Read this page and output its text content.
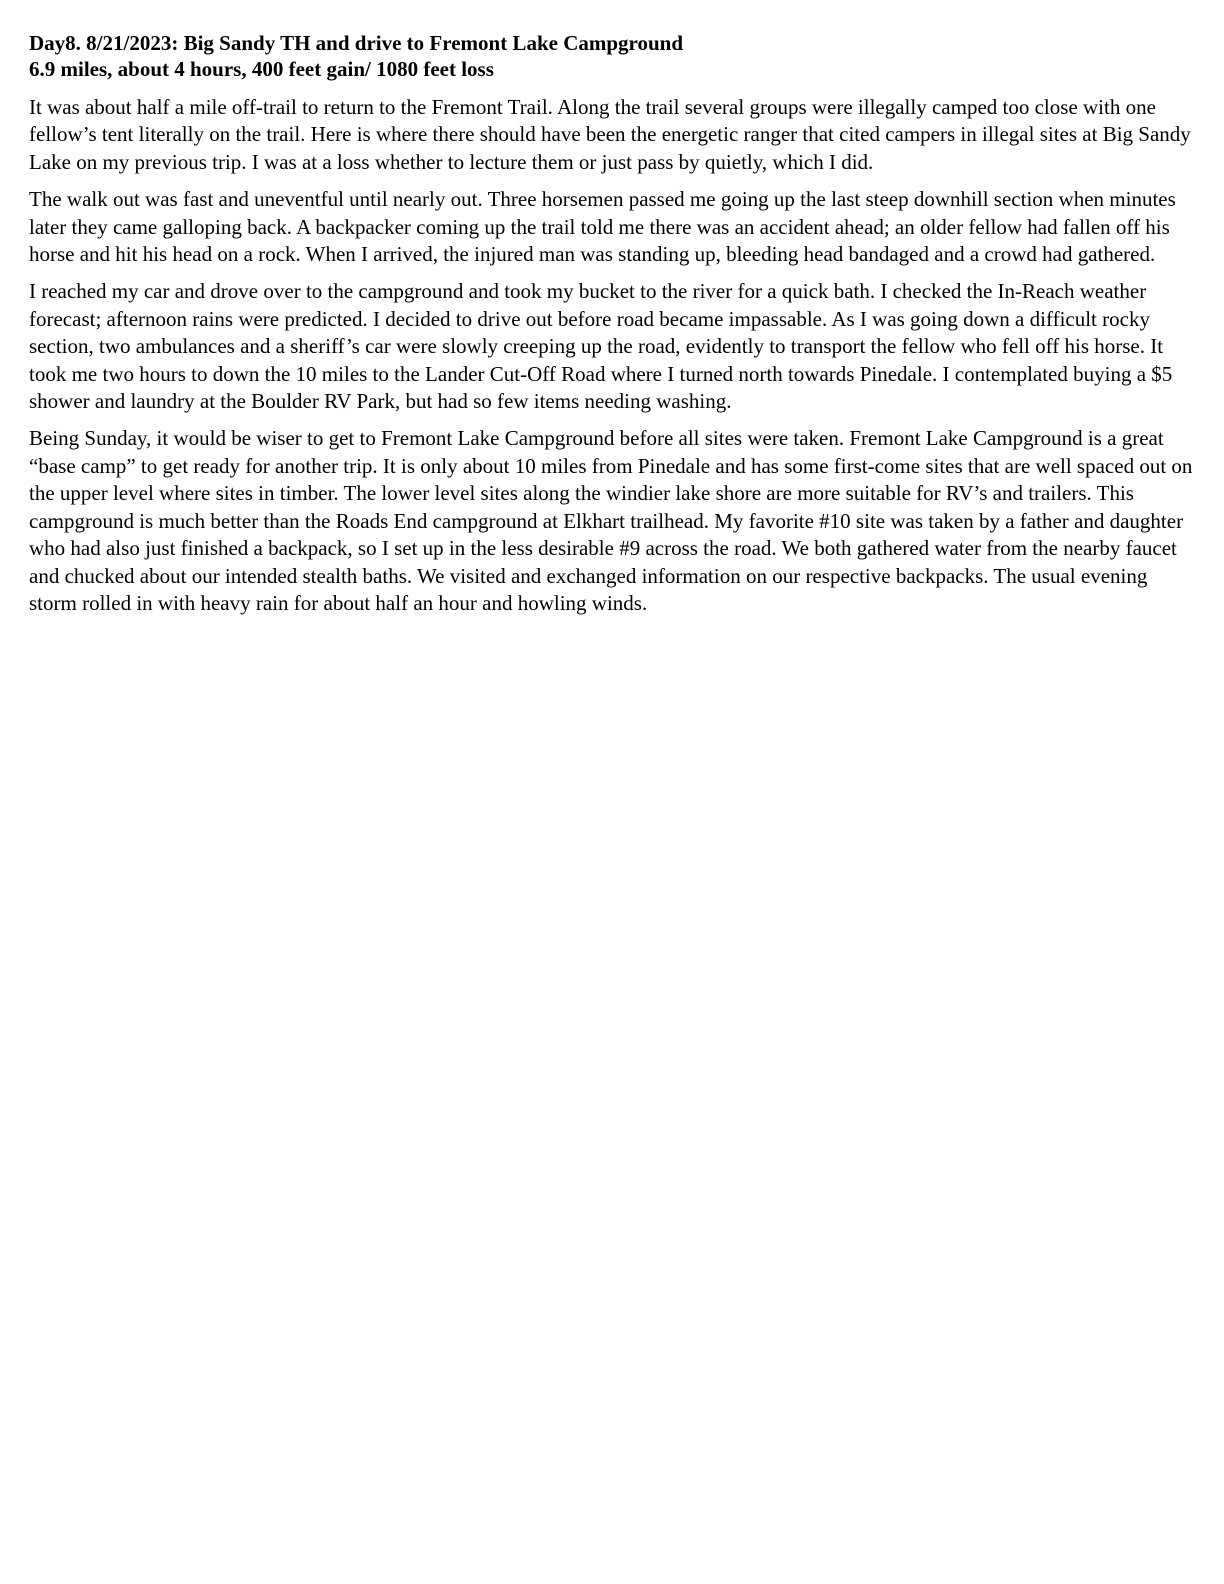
Day8. 8/21/2023: Big Sandy TH and drive to Fremont Lake Campground

6.9 miles, about 4 hours, 400 feet gain/ 1080 feet loss

It was about half a mile off-trail to return to the Fremont Trail. Along the trail several groups were illegally camped too close with one fellow’s tent literally on the trail. Here is where there should have been the energetic ranger that cited campers in illegal sites at Big Sandy Lake on my previous trip. I was at a loss whether to lecture them or just pass by quietly, which I did.

The walk out was fast and uneventful until nearly out. Three horsemen passed me going up the last steep downhill section when minutes later they came galloping back. A backpacker coming up the trail told me there was an accident ahead; an older fellow had fallen off his horse and hit his head on a rock. When I arrived, the injured man was standing up, bleeding head bandaged and a crowd had gathered.

I reached my car and drove over to the campground and took my bucket to the river for a quick bath. I checked the In-Reach weather forecast; afternoon rains were predicted. I decided to drive out before road became impassable. As I was going down a difficult rocky section, two ambulances and a sheriff’s car were slowly creeping up the road, evidently to transport the fellow who fell off his horse. It took me two hours to down the 10 miles to the Lander Cut-Off Road where I turned north towards Pinedale. I contemplated buying a $5 shower and laundry at the Boulder RV Park, but had so few items needing washing.

Being Sunday, it would be wiser to get to Fremont Lake Campground before all sites were taken. Fremont Lake Campground is a great “base camp” to get ready for another trip. It is only about 10 miles from Pinedale and has some first-come sites that are well spaced out on the upper level where sites in timber. The lower level sites along the windier lake shore are more suitable for RV’s and trailers. This campground is much better than the Roads End campground at Elkhart trailhead. My favorite #10 site was taken by a father and daughter who had also just finished a backpack, so I set up in the less desirable #9 across the road. We both gathered water from the nearby faucet and chucked about our intended stealth baths. We visited and exchanged information on our respective backpacks. The usual evening storm rolled in with heavy rain for about half an hour and howling winds.
